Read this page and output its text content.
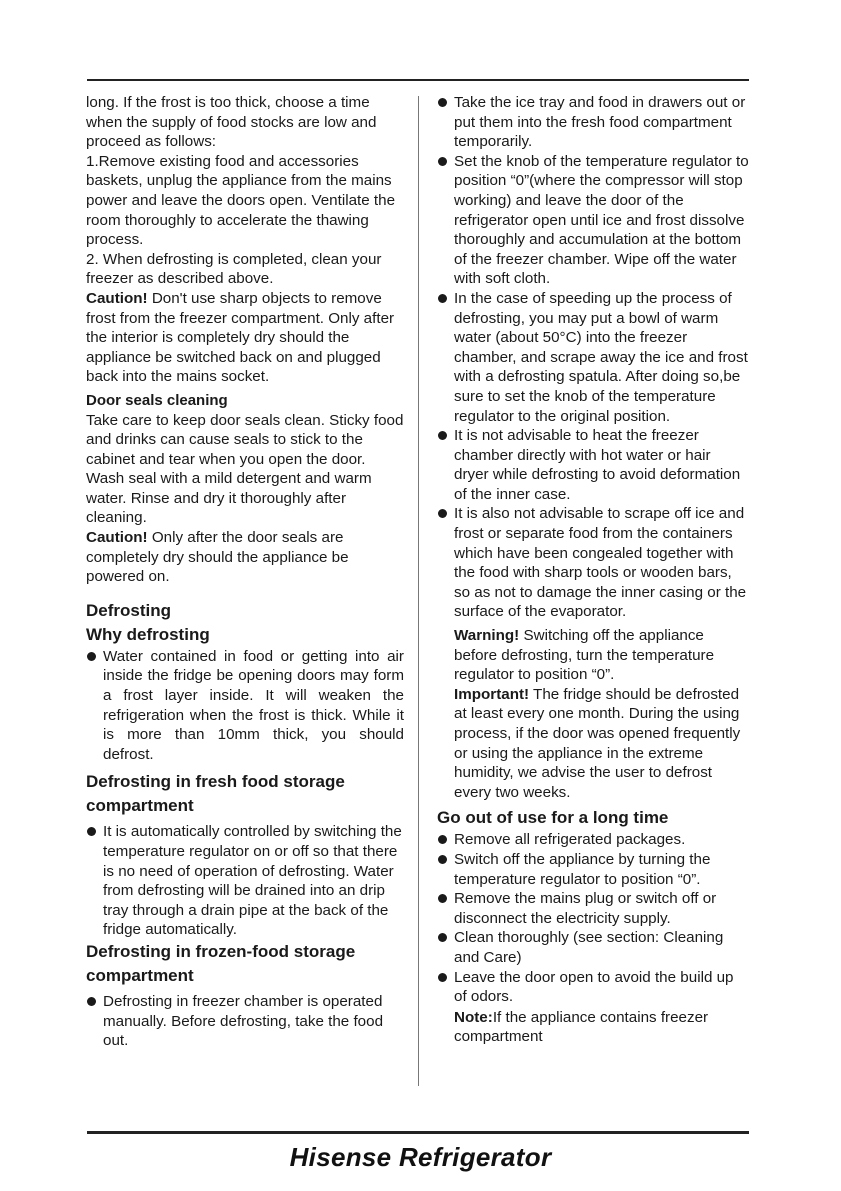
long. If the frost is too thick, choose a time when the supply of food stocks are low and proceed as follows:

1.Remove existing food and accessories baskets, unplug the appliance from the mains power and leave the doors open. Ventilate the room thoroughly to accelerate the thawing process.

2. When defrosting is completed, clean your freezer as described above.

Caution! Don't use sharp objects to remove frost from the freezer compartment. Only after the interior is completely dry should the appliance be switched back on and plugged back into the mains socket.

Door seals cleaning

Take care to keep door seals clean. Sticky food and drinks can cause seals to stick to the cabinet and tear when you open the door. Wash seal with a mild detergent and warm water. Rinse and dry it thoroughly after cleaning.

Caution! Only after the door seals are completely dry should the appliance be powered on.

Defrosting

Why defrosting

Water contained in food or getting into air inside the fridge be opening doors may form a frost layer inside. It will weaken the refrigeration when the frost is thick. While it is more than 10mm thick, you should defrost.

Defrosting in fresh food storage compartment

It is automatically controlled by switching the temperature regulator on or off so that there is no need of operation of defrosting. Water from defrosting will be drained into an drip tray through a drain pipe at the back of the fridge automatically.

Defrosting in frozen-food storage compartment

Defrosting in freezer chamber is operated manually. Before defrosting, take the food out.
Take the ice tray and food in drawers out or put them into the fresh food compartment temporarily.
Set the knob of the temperature regulator to position “0”(where the compressor will stop working) and leave the door of the refrigerator open until ice and frost dissolve thoroughly and accumulation at the bottom of the freezer chamber. Wipe off the water with soft cloth.
In the case of speeding up the process of defrosting, you may put a bowl of warm water (about 50°C) into the freezer chamber, and scrape away the ice and frost with a defrosting spatula. After doing so,be sure to set the knob of the temperature regulator to the original position.
It is not advisable to heat the freezer chamber directly with hot water or hair dryer while defrosting to avoid deformation of the inner case.
It is also not advisable to scrape off ice and frost or separate food from the containers which have been congealed together with the food with sharp tools or wooden bars, so as not to damage the inner casing or the surface of the evaporator.

Warning! Switching off the appliance before defrosting, turn the temperature regulator to position “0”.

Important! The fridge should be defrosted at least every one month. During the using process, if the door was opened frequently or using the appliance in the extreme humidity, we advise the user to defrost every two weeks.

Go out of use for a long time

Remove all refrigerated packages.
Switch off the appliance by turning the temperature regulator to position “0”.
Remove the mains plug or switch off or disconnect the electricity supply.
Clean thoroughly (see section: Cleaning and Care)
Leave the door open to avoid the build up of odors.

Note:If the appliance contains freezer compartment

Hisense Refrigerator
